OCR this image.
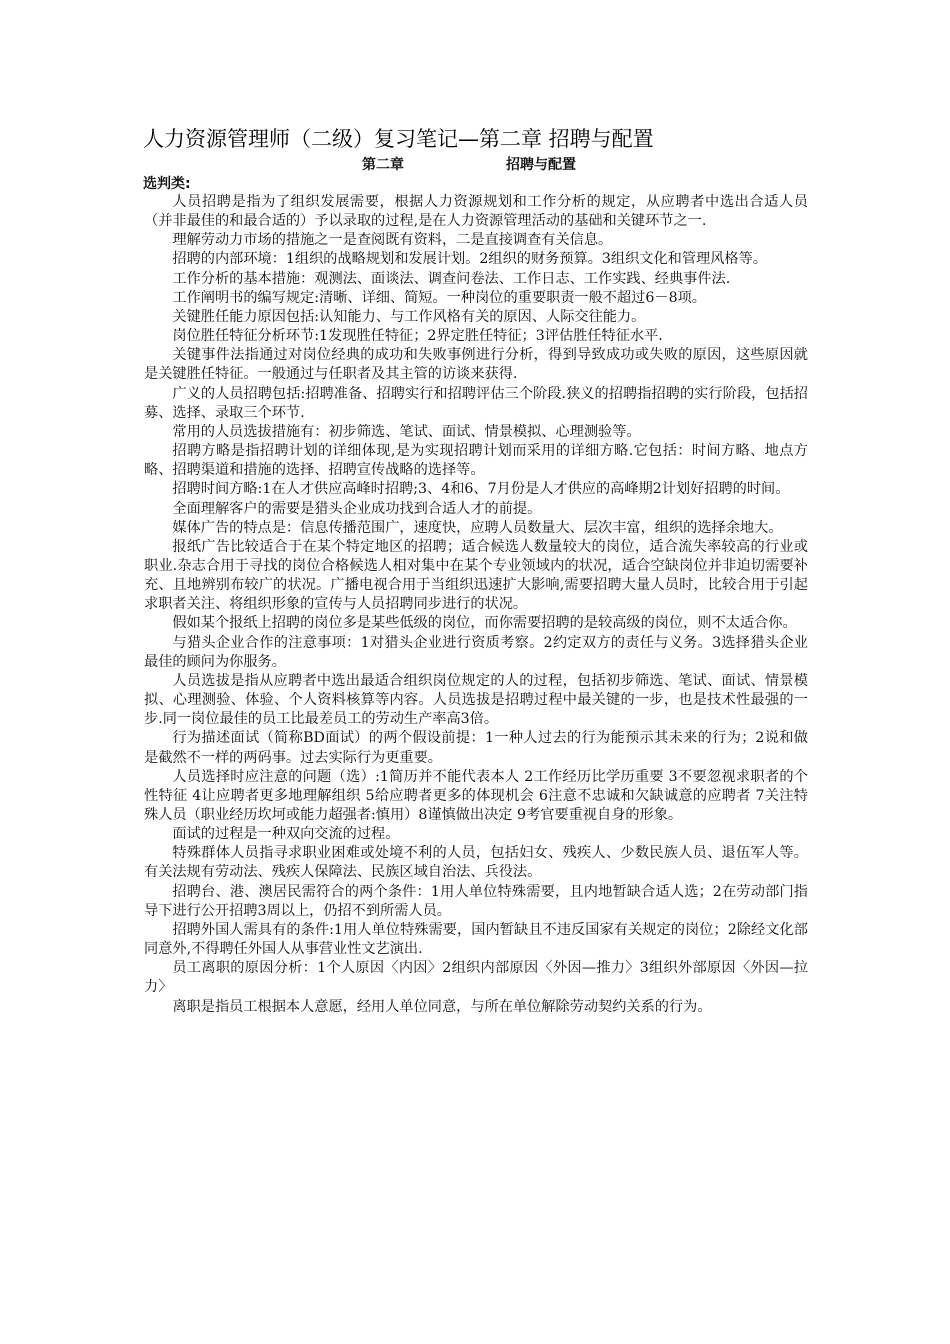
人力资源管理师（二级）复习笔记—第二章 招聘与配置
第二章	招聘与配置
选判类:

人员招聘是指为了组织发展需要，根据人力资源规划和工作分析的规定，从应聘者中选出合适人员（并非最佳的和最合适的）予以录取的过程,是在人力资源管理活动的基础和关键环节之一.

理解劳动力市场的措施之一是查阅既有资料，二是直接调查有关信息。

招聘的内部环境：1组织的战略规划和发展计划。2组织的财务预算。3组织文化和管理风格等。

工作分析的基本措施：观测法、面谈法、调查问卷法、工作日志、工作实践、经典事件法.

工作阐明书的编写规定:清晰、详细、简短。一种岗位的重要职责一般不超过6－8项。

关键胜任能力原因包括:认知能力、与工作风格有关的原因、人际交往能力。

岗位胜任特征分析环节:1发现胜任特征；2界定胜任特征；3评估胜任特征水平.

关键事件法指通过对岗位经典的成功和失败事例进行分析，得到导致成功或失败的原因，这些原因就是关键胜任特征。一般通过与任职者及其主管的访谈来获得.

广义的人员招聘包括:招聘准备、招聘实行和招聘评估三个阶段.狭义的招聘指招聘的实行阶段，包括招募、选择、录取三个环节.

常用的人员选拔措施有：初步筛选、笔试、面试、情景模拟、心理测验等。

招聘方略是指招聘计划的详细体现,是为实现招聘计划而采用的详细方略.它包括：时间方略、地点方略、招聘渠道和措施的选择、招聘宣传战略的选择等。

招聘时间方略:1在人才供应高峰时招聘;3、4和6、7月份是人才供应的高峰期2计划好招聘的时间。

全面理解客户的需要是猎头企业成功找到合适人才的前提。

媒体广告的特点是：信息传播范围广，速度快，应聘人员数量大、层次丰富，组织的选择余地大。

报纸广告比较适合于在某个特定地区的招聘；适合候选人数量较大的岗位，适合流失率较高的行业或职业.杂志合用于寻找的岗位合格候选人相对集中在某个专业领域内的状况，适合空缺岗位并非迫切需要补充、且地辨别布较广的状况。广播电视合用于当组织迅速扩大影响,需要招聘大量人员时，比较合用于引起求职者关注、将组织形象的宣传与人员招聘同步进行的状况。

假如某个报纸上招聘的岗位多是某些低级的岗位，而你需要招聘的是较高级的岗位，则不太适合你。

与猎头企业合作的注意事项：1对猎头企业进行资质考察。2约定双方的责任与义务。3选择猎头企业最佳的顾问为你服务。

人员选拔是指从应聘者中选出最适合组织岗位规定的人的过程，包括初步筛选、笔试、面试、情景模拟、心理测验、体验、个人资料核算等内容。人员选拔是招聘过程中最关键的一步，也是技术性最强的一步.同一岗位最佳的员工比最差员工的劳动生产率高3倍。

行为描述面试（简称BD面试）的两个假设前提：1一种人过去的行为能预示其未来的行为；2说和做是截然不一样的两码事。过去实际行为更重要。

人员选择时应注意的问题（选）:1简历并不能代表本人 2工作经历比学历重要 3不要忽视求职者的个性特征 4让应聘者更多地理解组织 5给应聘者更多的体现机会 6注意不忠诚和欠缺诚意的应聘者 7关注特殊人员（职业经历坎坷或能力超强者:慎用）8谨慎做出决定 9考官要重视自身的形象。

面试的过程是一种双向交流的过程。

特殊群体人员指寻求职业困难或处境不利的人员，包括妇女、残疾人、少数民族人员、退伍军人等。有关法规有劳动法、残疾人保障法、民族区域自治法、兵役法。

招聘台、港、澳居民需符合的两个条件：1用人单位特殊需要，且内地暂缺合适人选；2在劳动部门指导下进行公开招聘3周以上，仍招不到所需人员。

招聘外国人需具有的条件:1用人单位特殊需要，国内暂缺且不违反国家有关规定的岗位；2除经文化部同意外,不得聘任外国人从事营业性文艺演出.

员工离职的原因分析：1个人原因〈内因〉2组织内部原因〈外因—推力〉3组织外部原因〈外因—拉力〉

离职是指员工根据本人意愿，经用人单位同意，与所在单位解除劳动契约关系的行为。
